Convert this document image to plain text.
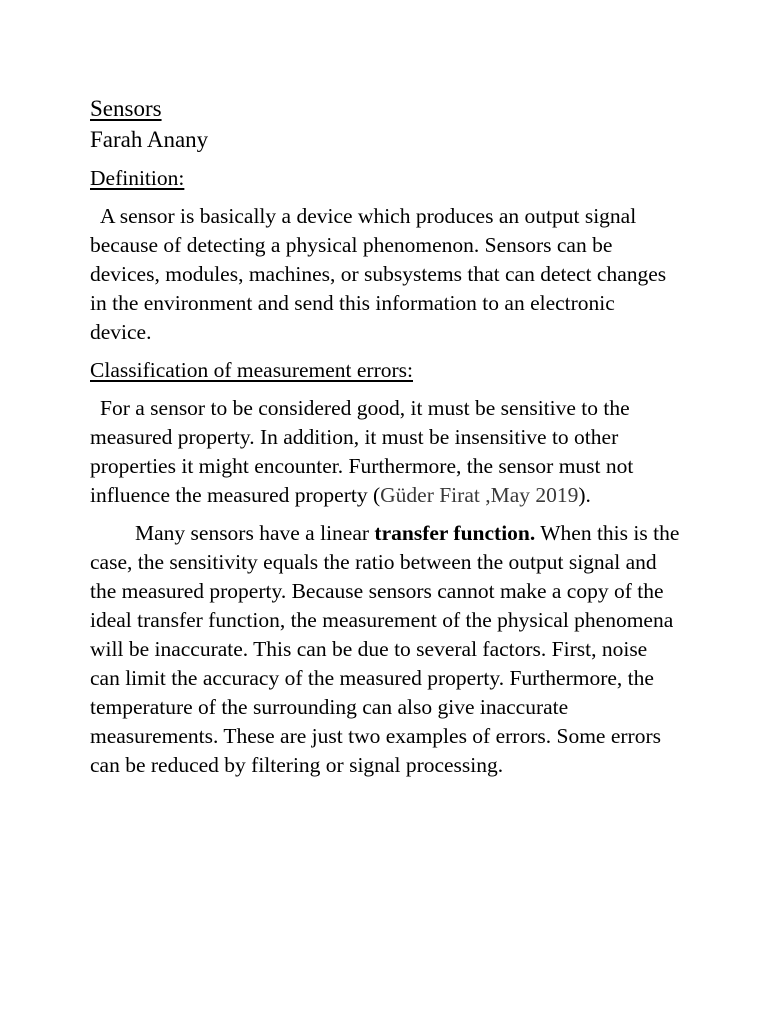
Sensors
Farah Anany
Definition:

A sensor is basically a device which produces an output signal because of detecting a physical phenomenon. Sensors can be devices, modules, machines, or subsystems that can detect changes in the environment and send this information to an electronic device.

Classification of measurement errors:

For a sensor to be considered good, it must be sensitive to the measured property. In addition, it must be insensitive to other properties it might encounter. Furthermore, the sensor must not influence the measured property (Güder Firat ,May 2019).

Many sensors have a linear transfer function. When this is the case, the sensitivity equals the ratio between the output signal and the measured property. Because sensors cannot make a copy of the ideal transfer function, the measurement of the physical phenomena will be inaccurate. This can be due to several factors. First, noise can limit the accuracy of the measured property. Furthermore, the temperature of the surrounding can also give inaccurate measurements. These are just two examples of errors. Some errors can be reduced by filtering or signal processing.
